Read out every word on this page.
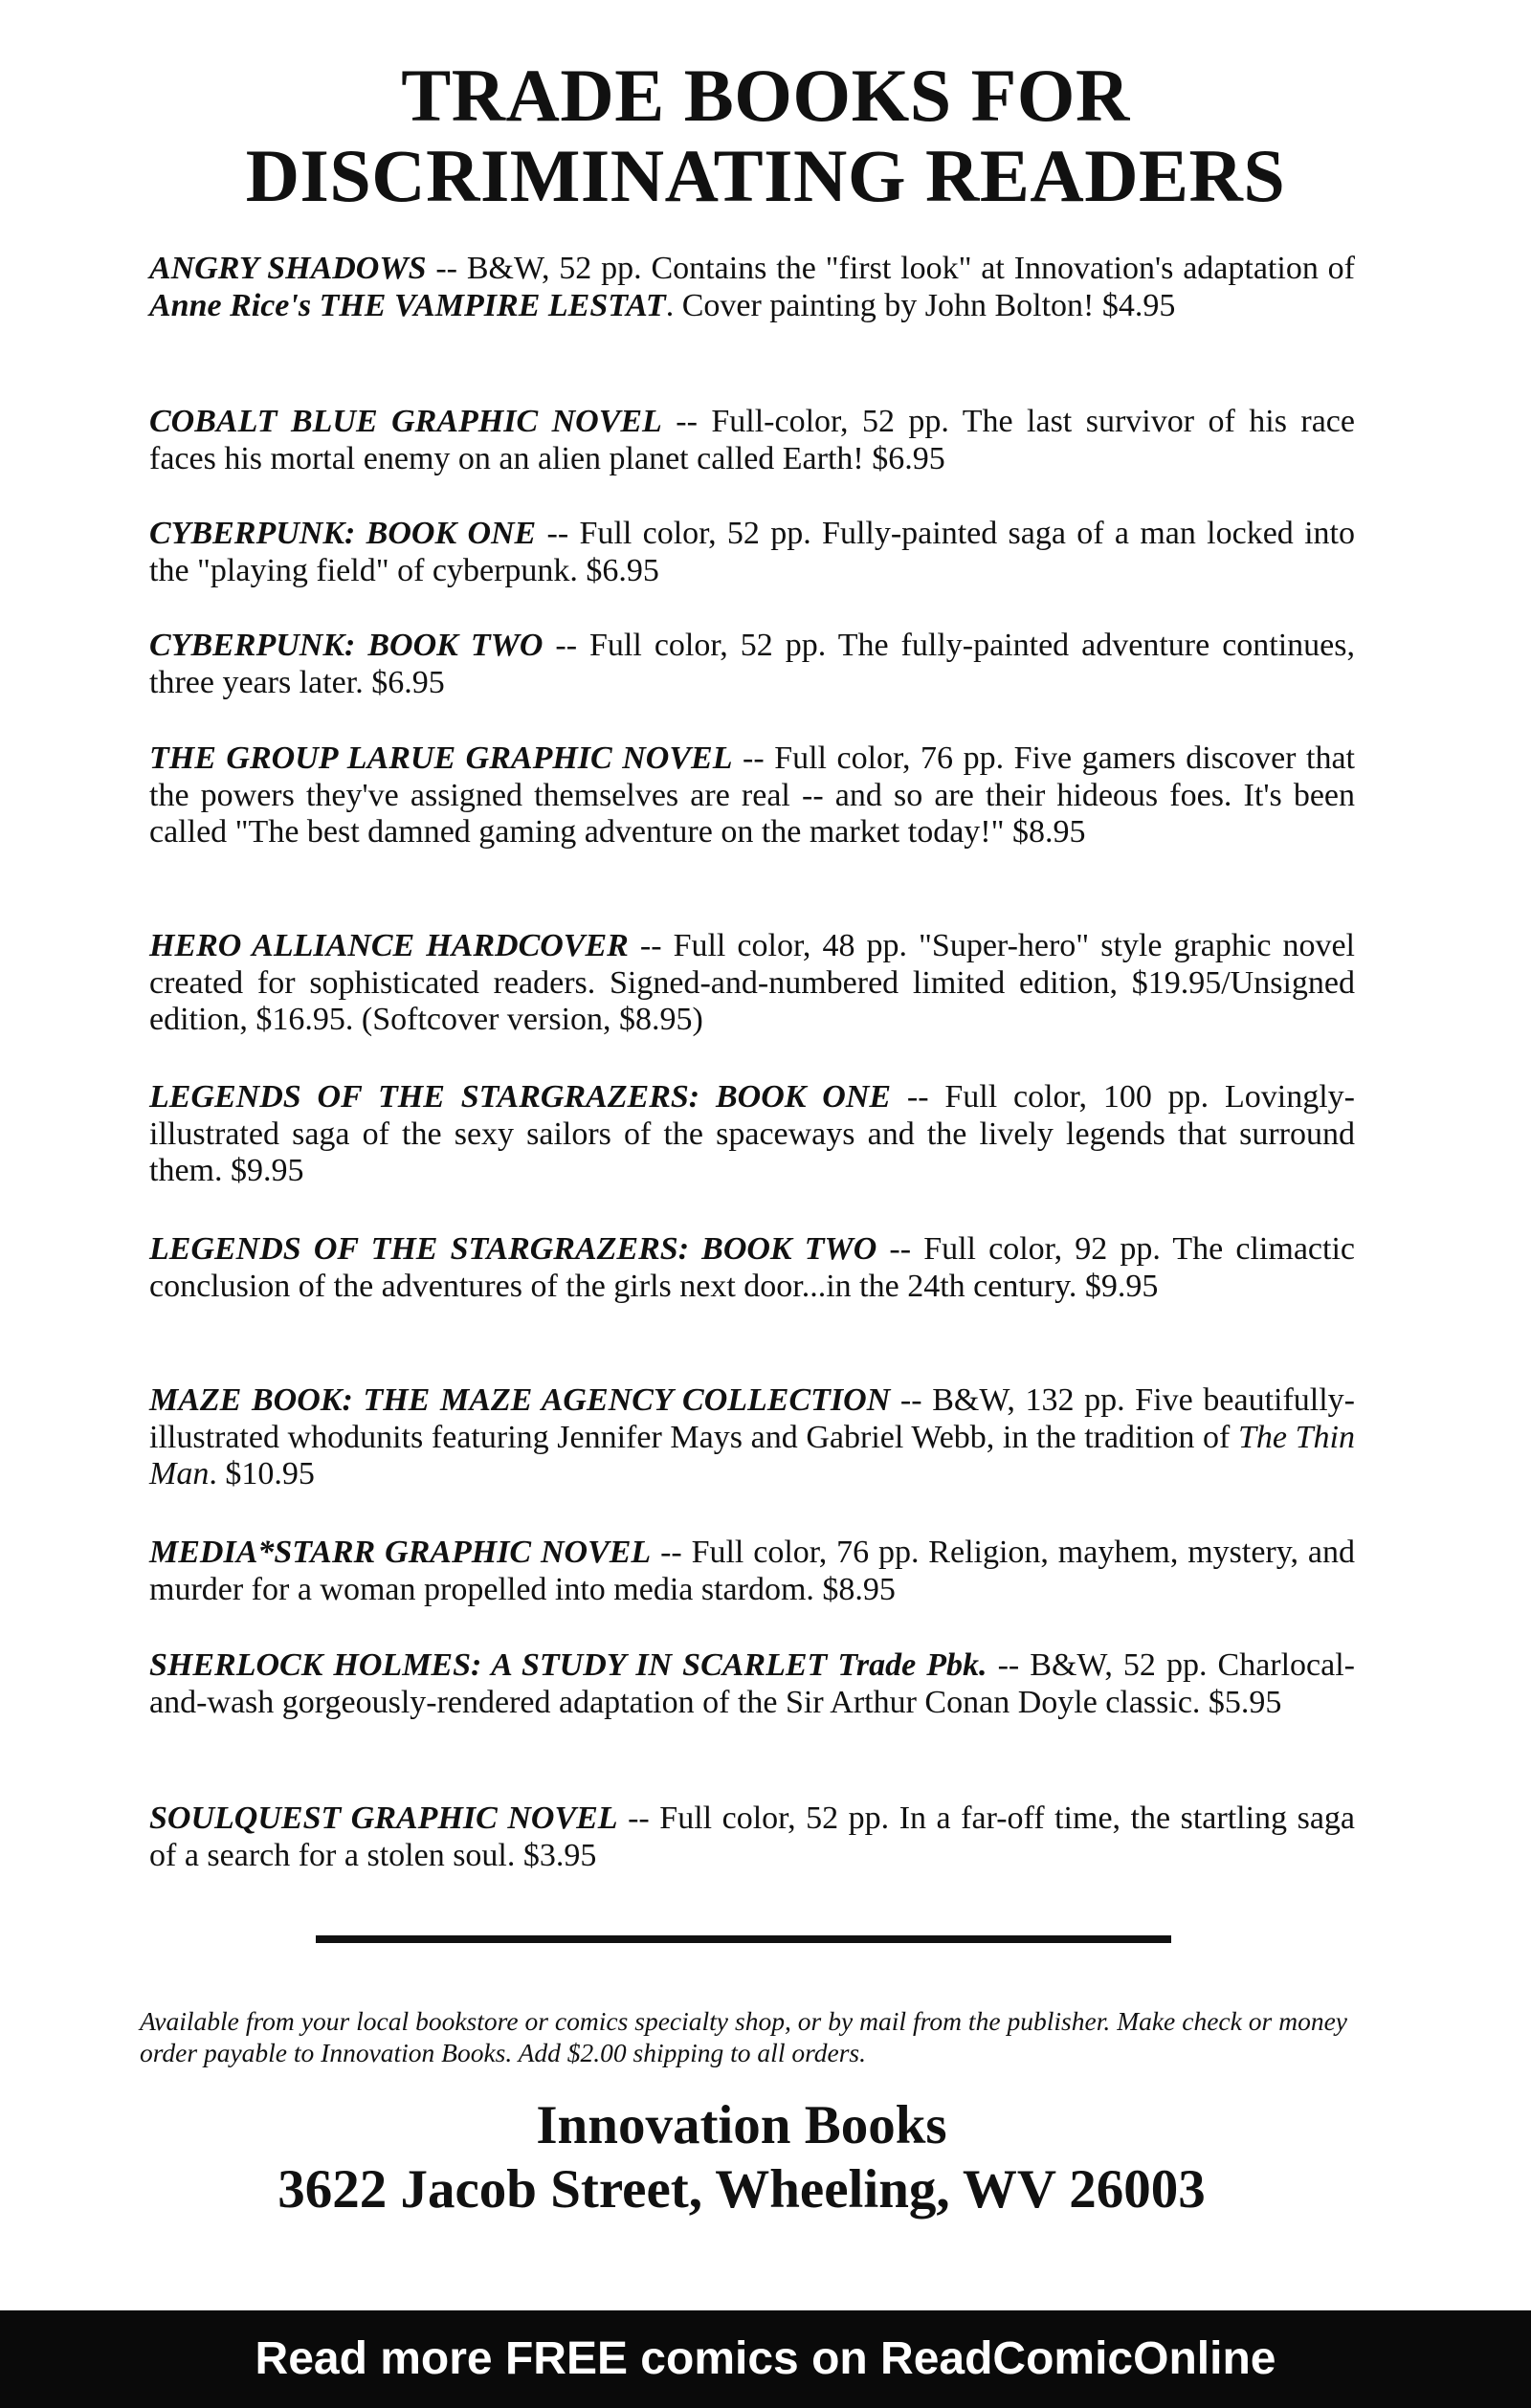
TRADE BOOKS FOR
DISCRIMINATING READERS

ANGRY SHADOWS -- B&W, 52 pp. Contains the "first look" at Innovation's adaptation of Anne Rice's THE VAMPIRE LESTAT. Cover painting by John Bolton! $4.95

COBALT BLUE GRAPHIC NOVEL -- Full-color, 52 pp. The last survivor of his race faces his mortal enemy on an alien planet called Earth! $6.95

CYBERPUNK: BOOK ONE -- Full color, 52 pp. Fully-painted saga of a man locked into the "playing field" of cyberpunk. $6.95

CYBERPUNK: BOOK TWO -- Full color, 52 pp. The fully-painted adventure continues, three years later. $6.95

THE GROUP LARUE GRAPHIC NOVEL -- Full color, 76 pp. Five gamers discover that the powers they've assigned themselves are real -- and so are their hideous foes. It's been called "The best damned gaming adventure on the market today!" $8.95

HERO ALLIANCE HARDCOVER -- Full color, 48 pp. "Super-hero" style graphic novel created for sophisticated readers. Signed-and-numbered limited edition, $19.95/Unsigned edition, $16.95. (Softcover version, $8.95)

LEGENDS OF THE STARGRAZERS: BOOK ONE -- Full color, 100 pp. Lovingly-illustrated saga of the sexy sailors of the spaceways and the lively legends that surround them. $9.95

LEGENDS OF THE STARGRAZERS: BOOK TWO -- Full color, 92 pp. The climactic conclusion of the adventures of the girls next door...in the 24th century. $9.95

MAZE BOOK: THE MAZE AGENCY COLLECTION -- B&W, 132 pp. Five beautifully-illustrated whodunits featuring Jennifer Mays and Gabriel Webb, in the tradition of The Thin Man. $10.95

MEDIA*STARR GRAPHIC NOVEL -- Full color, 76 pp. Religion, mayhem, mystery, and murder for a woman propelled into media stardom. $8.95

SHERLOCK HOLMES: A STUDY IN SCARLET Trade Pbk. -- B&W, 52 pp. Charlocal-and-wash gorgeously-rendered adaptation of the Sir Arthur Conan Doyle classic. $5.95

SOULQUEST GRAPHIC NOVEL -- Full color, 52 pp. In a far-off time, the startling saga of a search for a stolen soul. $3.95

Available from your local bookstore or comics specialty shop, or by mail from the publisher. Make check or money order payable to Innovation Books. Add $2.00 shipping to all orders.

Innovation Books
3622 Jacob Street, Wheeling, WV 26003
Read more FREE comics on ReadComicOnline
